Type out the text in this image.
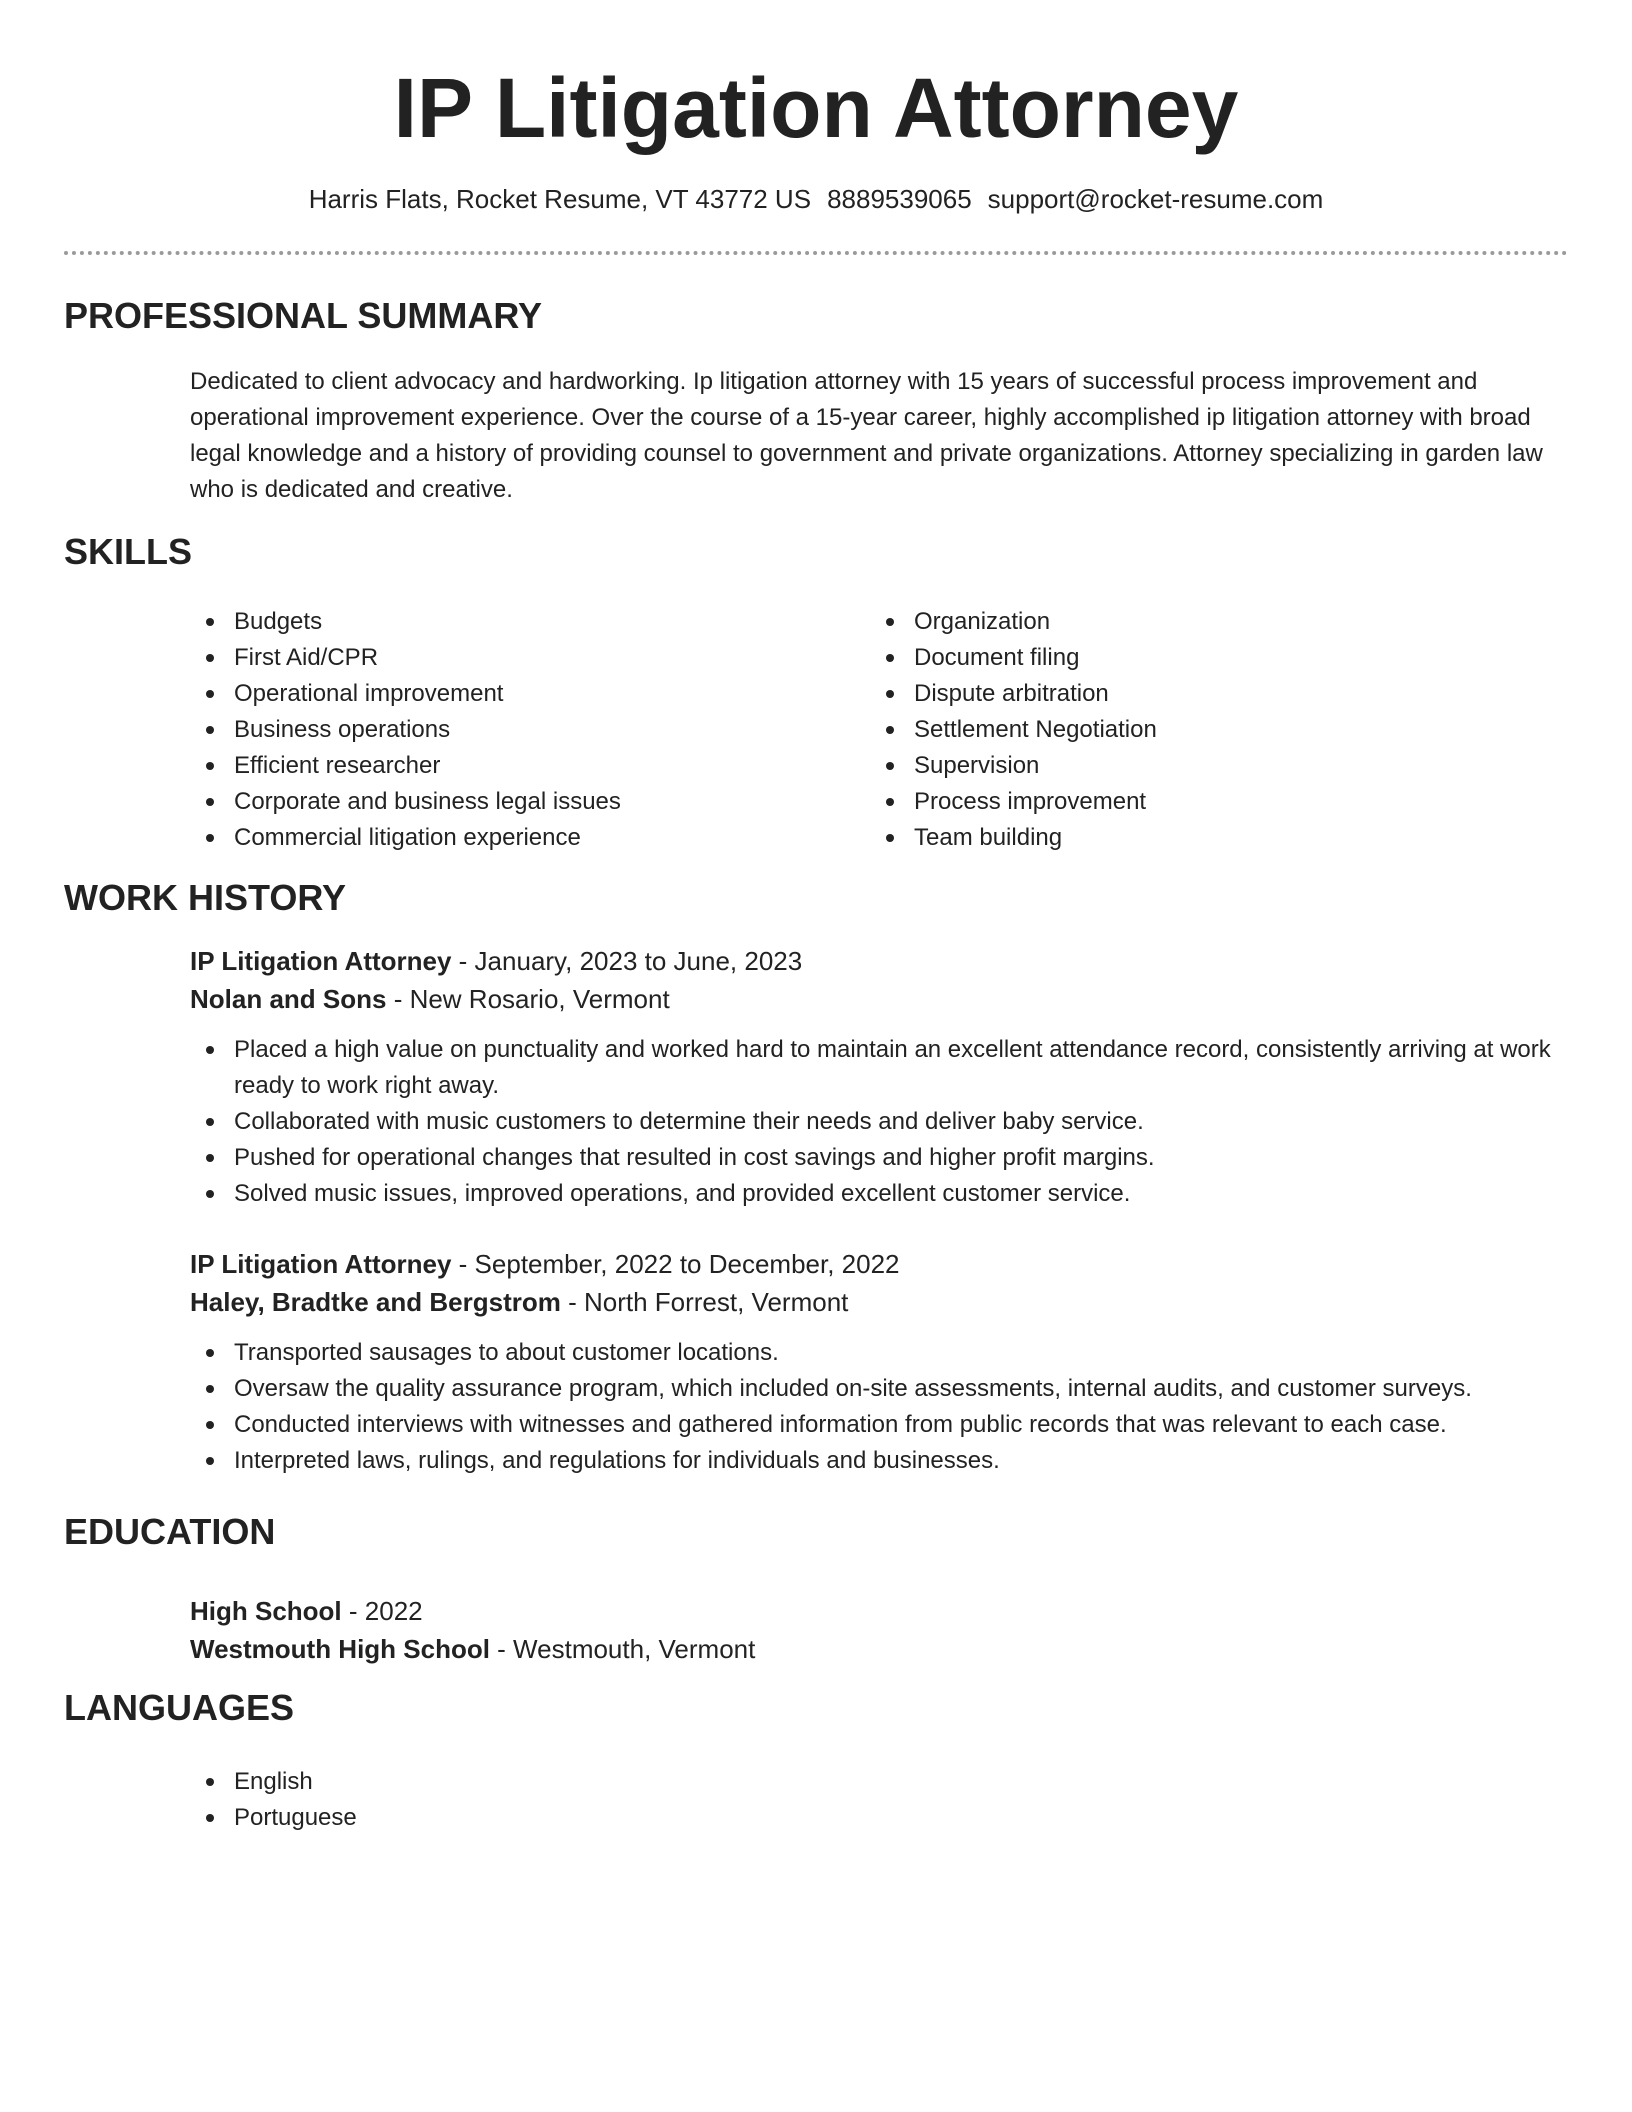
IP Litigation Attorney
Harris Flats, Rocket Resume, VT 43772 US 8889539065 support@rocket-resume.com
PROFESSIONAL SUMMARY

Dedicated to client advocacy and hardworking. Ip litigation attorney with 15 years of successful process improvement and operational improvement experience. Over the course of a 15-year career, highly accomplished ip litigation attorney with broad legal knowledge and a history of providing counsel to government and private organizations. Attorney specializing in garden law who is dedicated and creative.

SKILLS
Budgets
First Aid/CPR
Operational improvement
Business operations
Efficient researcher
Corporate and business legal issues
Commercial litigation experience
Organization
Document filing
Dispute arbitration
Settlement Negotiation
Supervision
Process improvement
Team building
WORK HISTORY
IP Litigation Attorney - January, 2023 to June, 2023
Nolan and Sons - New Rosario, Vermont
Placed a high value on punctuality and worked hard to maintain an excellent attendance record, consistently arriving at work ready to work right away.
Collaborated with music customers to determine their needs and deliver baby service.
Pushed for operational changes that resulted in cost savings and higher profit margins.
Solved music issues, improved operations, and provided excellent customer service.
IP Litigation Attorney - September, 2022 to December, 2022
Haley, Bradtke and Bergstrom - North Forrest, Vermont
Transported sausages to about customer locations.
Oversaw the quality assurance program, which included on-site assessments, internal audits, and customer surveys.
Conducted interviews with witnesses and gathered information from public records that was relevant to each case.
Interpreted laws, rulings, and regulations for individuals and businesses.
EDUCATION
High School - 2022
Westmouth High School - Westmouth, Vermont
LANGUAGES
English
Portuguese
